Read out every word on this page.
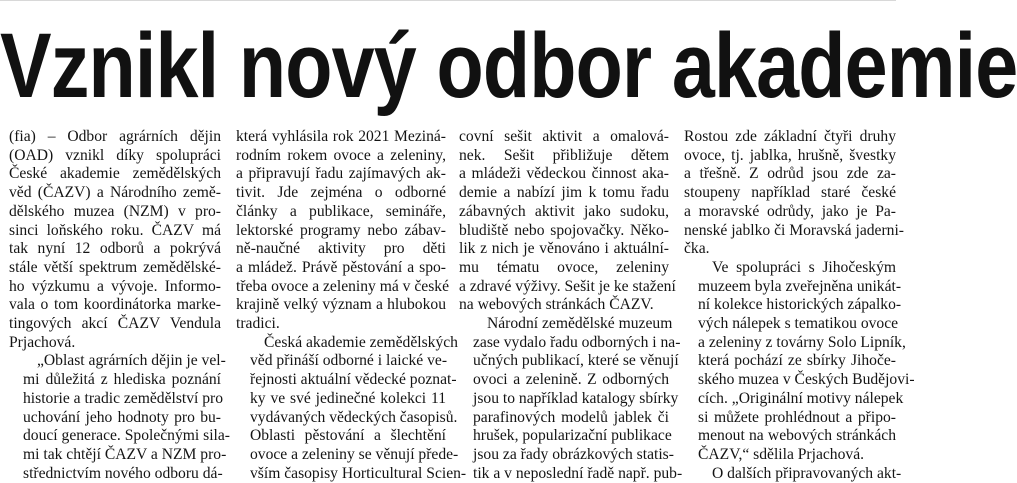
Vznikl nový odbor akademie

(fia) – Odbor agrárních dějin
(OAD) vznikl díky spolupráci
České akademie zemědělských
věd (ČAZV) a Národního země-
dělského muzea (NZM) v pro-
sinci loňského roku. ČAZV má
tak nyní 12 odborů a pokrývá
stále větší spektrum zemědělské-
ho výzkumu a vývoje. Informo-
vala o tom koordinátorka marke-
tingových akcí ČAZV Vendula
Prjachová.

„Oblast agrárních dějin je vel-
mi důležitá z hlediska poznání
historie a tradic zemědělství pro
uchování jeho hodnoty pro bu-
doucí generace. Společnými sila-
mi tak chtějí ČAZV a NZM pro-
střednictvím nového odboru dá-

která vyhlásila rok 2021 Meziná-
rodním rokem ovoce a zeleniny,
a připravují řadu zajímavých ak-
tivit. Jde zejména o odborné
články a publikace, semináře,
lektorské programy nebo zábav-
ně-naučné aktivity pro děti
a mládež. Právě pěstování a spo-
třeba ovoce a zeleniny má v české
krajině velký význam a hlubokou
tradici.

Česká akademie zemědělských
věd přináší odborné i laické ve-
řejnosti aktuální vědecké poznat-
ky ve své jedinečné kolekci 11
vydávaných vědeckých časopisů.
Oblasti pěstování a šlechtění
ovoce a zeleniny se věnují přede-
vším časopisy Horticultural Scien-

covní sešit aktivit a omalová-
nek. Sešit přibližuje dětem
a mládeži vědeckou činnost aka-
demie a nabízí jim k tomu řadu
zábavných aktivit jako sudoku,
bludiště nebo spojovačky. Něko-
lik z nich je věnováno i aktuální-
mu tématu ovoce, zeleniny
a zdravé výživy. Sešit je ke stažení
na webových stránkách ČAZV.

Národní zemědělské muzeum
zase vydalo řadu odborných i na-
učných publikací, které se věnují
ovoci a zelenině. Z odborných
jsou to například katalogy sbírky
parafinových modelů jablek či
hrušek, popularizační publikace
jsou za řady obrázkových statis-
tik a v neposlední řadě např. pub-

Rostou zde základní čtyři druhy
ovoce, tj. jablka, hrušně, švestky
a třešně. Z odrůd jsou zde za-
stoupeny například staré české
a moravské odrůdy, jako je Pa-
nenské jablko či Moravská jaderni-
čka.

Ve spolupráci s Jihočeským
muzeem byla zveřejněna unikát-
ní kolekce historických zápalko-
vých nálepek s tematikou ovoce
a zeleniny z továrny Solo Lipník,
která pochází ze sbírky Jihoče-
ského muzea v Českých Budějovi-
cích. „Originální motivy nálepek
si můžete prohlédnout a připo-
menout na webových stránkách
ČAZV,“ sdělila Prjachová.

O dalších připravovaných akt-
